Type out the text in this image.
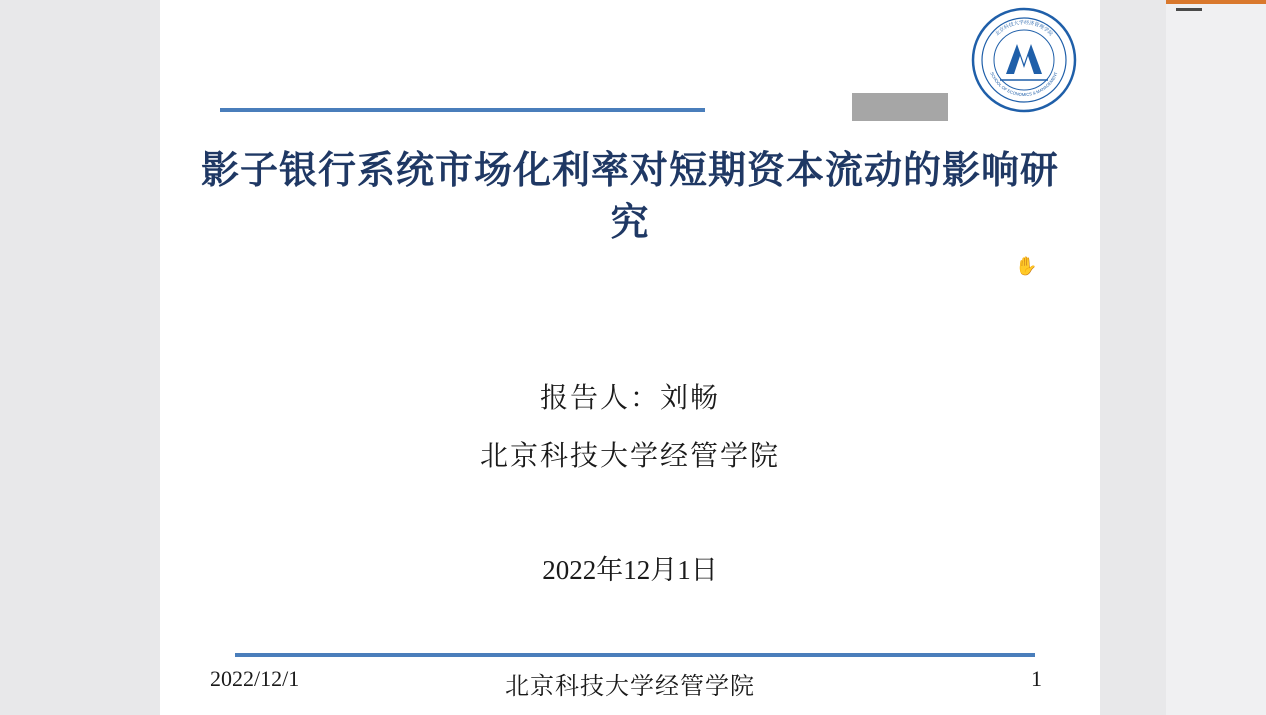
北京科技大学经济管理学院
SCHOOL OF ECONOMICS & MANAGEMENT
影子银行系统市场化利率对短期资本流动的影响研究
报告人：刘畅
北京科技大学经管学院
2022年12月1日
2022/12/1	北京科技大学经管学院	1
✋
